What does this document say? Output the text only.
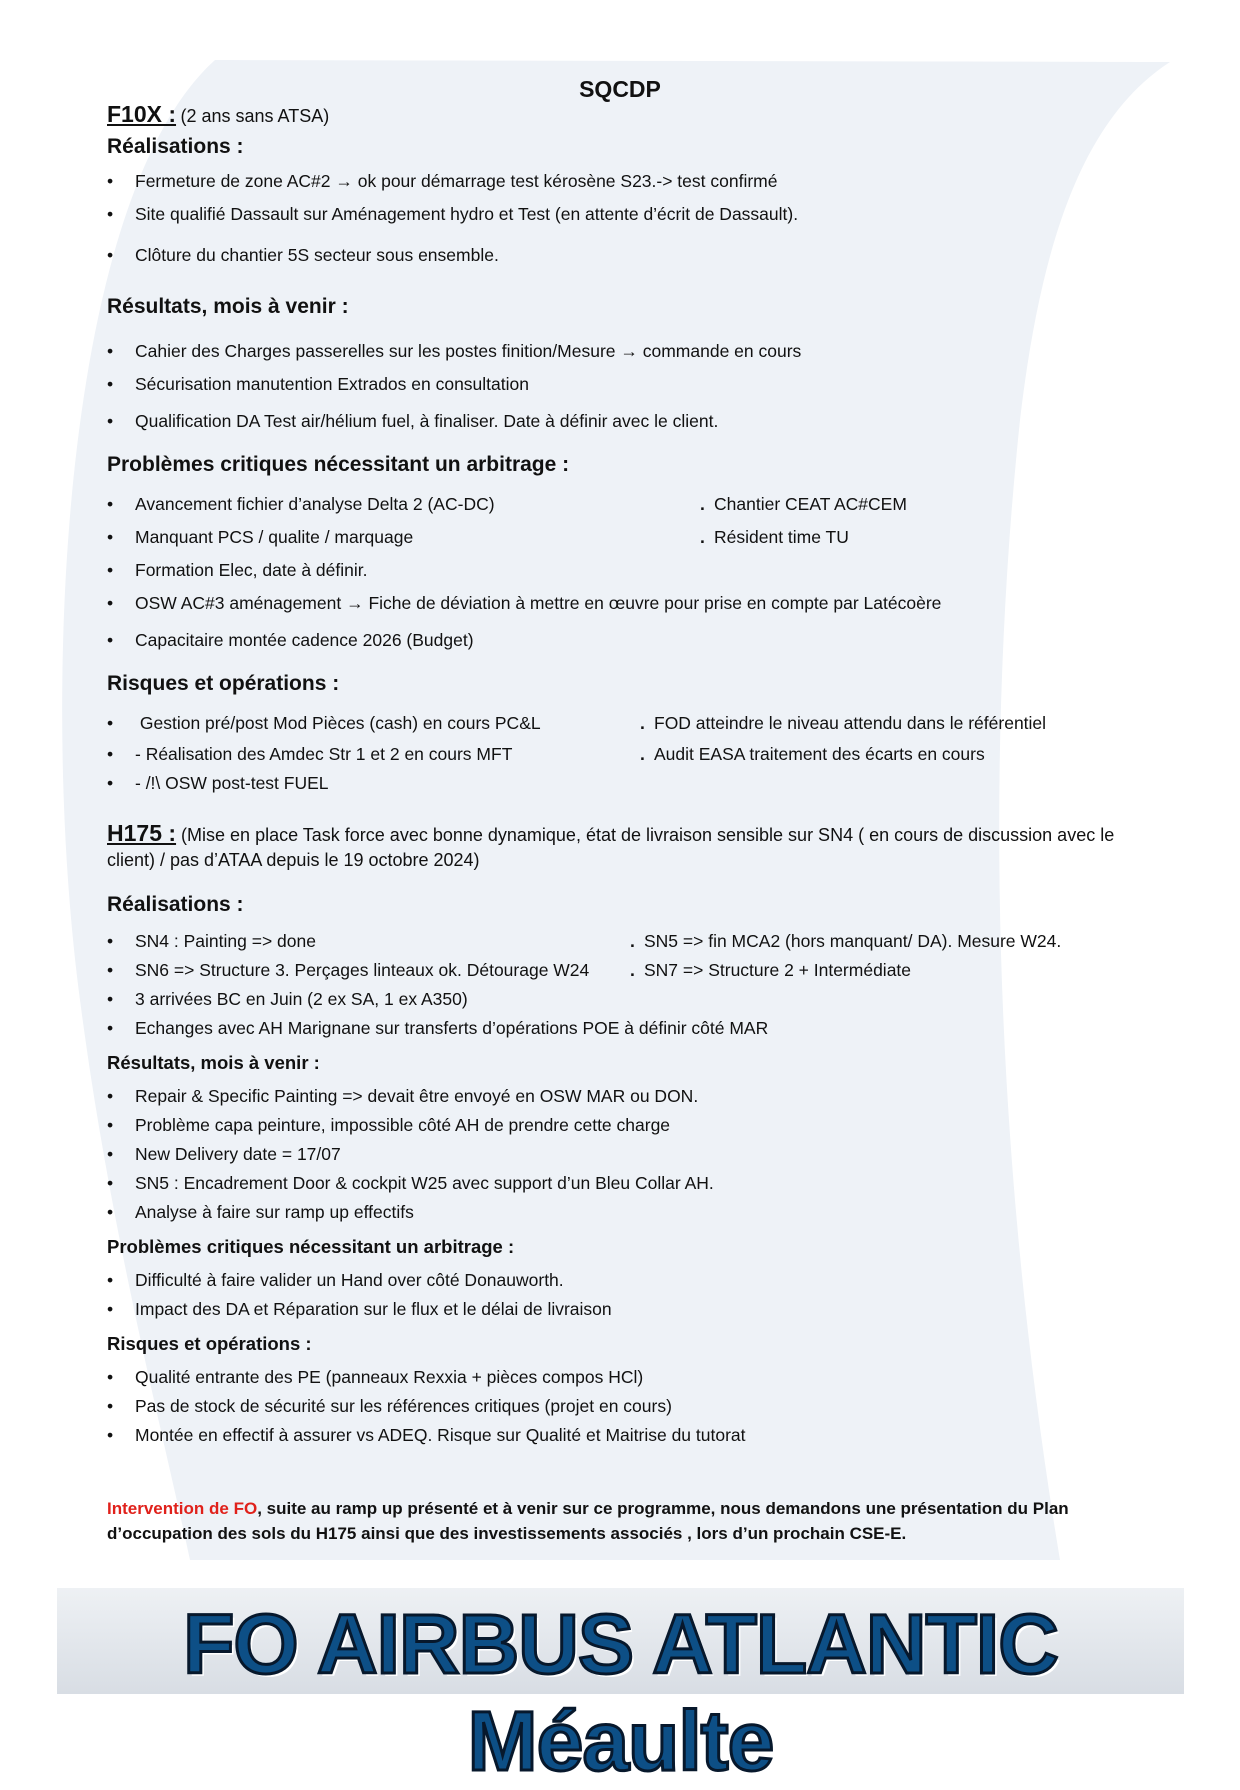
SQCDP
F10X : (2 ans sans ATSA)
Réalisations :
• Fermeture de zone AC#2 → ok pour démarrage test kérosène S23.-> test confirmé
• Site qualifié Dassault sur Aménagement hydro et Test (en attente d’écrit de Dassault).
• Clôture du chantier 5S secteur sous ensemble.
Résultats, mois à venir :
• Cahier des Charges passerelles sur les postes finition/Mesure → commande en cours
• Sécurisation manutention Extrados en consultation
• Qualification DA Test air/hélium fuel, à finaliser. Date à définir avec le client.
Problèmes critiques nécessitant un arbitrage :
• Avancement fichier d’analyse Delta 2 (AC-DC)	. Chantier CEAT AC#CEM
• Manquant PCS / qualite / marquage	. Résident time TU
• Formation Elec, date à définir.
• OSW AC#3 aménagement → Fiche de déviation à mettre en œuvre pour prise en compte par Latécoère
• Capacitaire montée cadence 2026 (Budget)
Risques et opérations :
• Gestion pré/post Mod Pièces (cash) en cours PC&L	. FOD atteindre le niveau attendu dans le référentiel
• - Réalisation des Amdec Str 1 et 2 en cours MFT	. Audit EASA traitement des écarts en cours
• - /!\ OSW post-test FUEL
H175 : (Mise en place Task force avec bonne dynamique, état de livraison sensible sur SN4 ( en cours de discussion avec le client) / pas d’ATAA depuis le 19 octobre 2024)
Réalisations :
• SN4 : Painting => done	. SN5 => fin MCA2 (hors manquant/ DA). Mesure W24.
• SN6 => Structure 3. Perçages linteaux ok. Détourage W24 . SN7 => Structure 2 + Intermédiate
• 3 arrivées BC en Juin (2 ex SA, 1 ex A350)
• Echanges avec AH Marignane sur transferts d’opérations POE à définir côté MAR
Résultats, mois à venir :
• Repair & Specific Painting => devait être envoyé en OSW MAR ou DON.
• Problème capa peinture, impossible côté AH de prendre cette charge
• New Delivery date = 17/07
• SN5 : Encadrement Door & cockpit W25 avec support d’un Bleu Collar AH.
• Analyse à faire sur ramp up effectifs
Problèmes critiques nécessitant un arbitrage :
• Difficulté à faire valider un Hand over côté Donauworth.
• Impact des DA et Réparation sur le flux et le délai de livraison
Risques et opérations :
• Qualité entrante des PE (panneaux Rexxia + pièces compos HCl)
• Pas de stock de sécurité sur les références critiques (projet en cours)
• Montée en effectif à assurer vs ADEQ. Risque sur Qualité et Maitrise du tutorat
Intervention de FO, suite au ramp up présenté et à venir sur ce programme, nous demandons une présentation du Plan d’occupation des sols du H175 ainsi que des investissements associés , lors d’un prochain CSE-E.
FO AIRBUS ATLANTIC Méaulte
